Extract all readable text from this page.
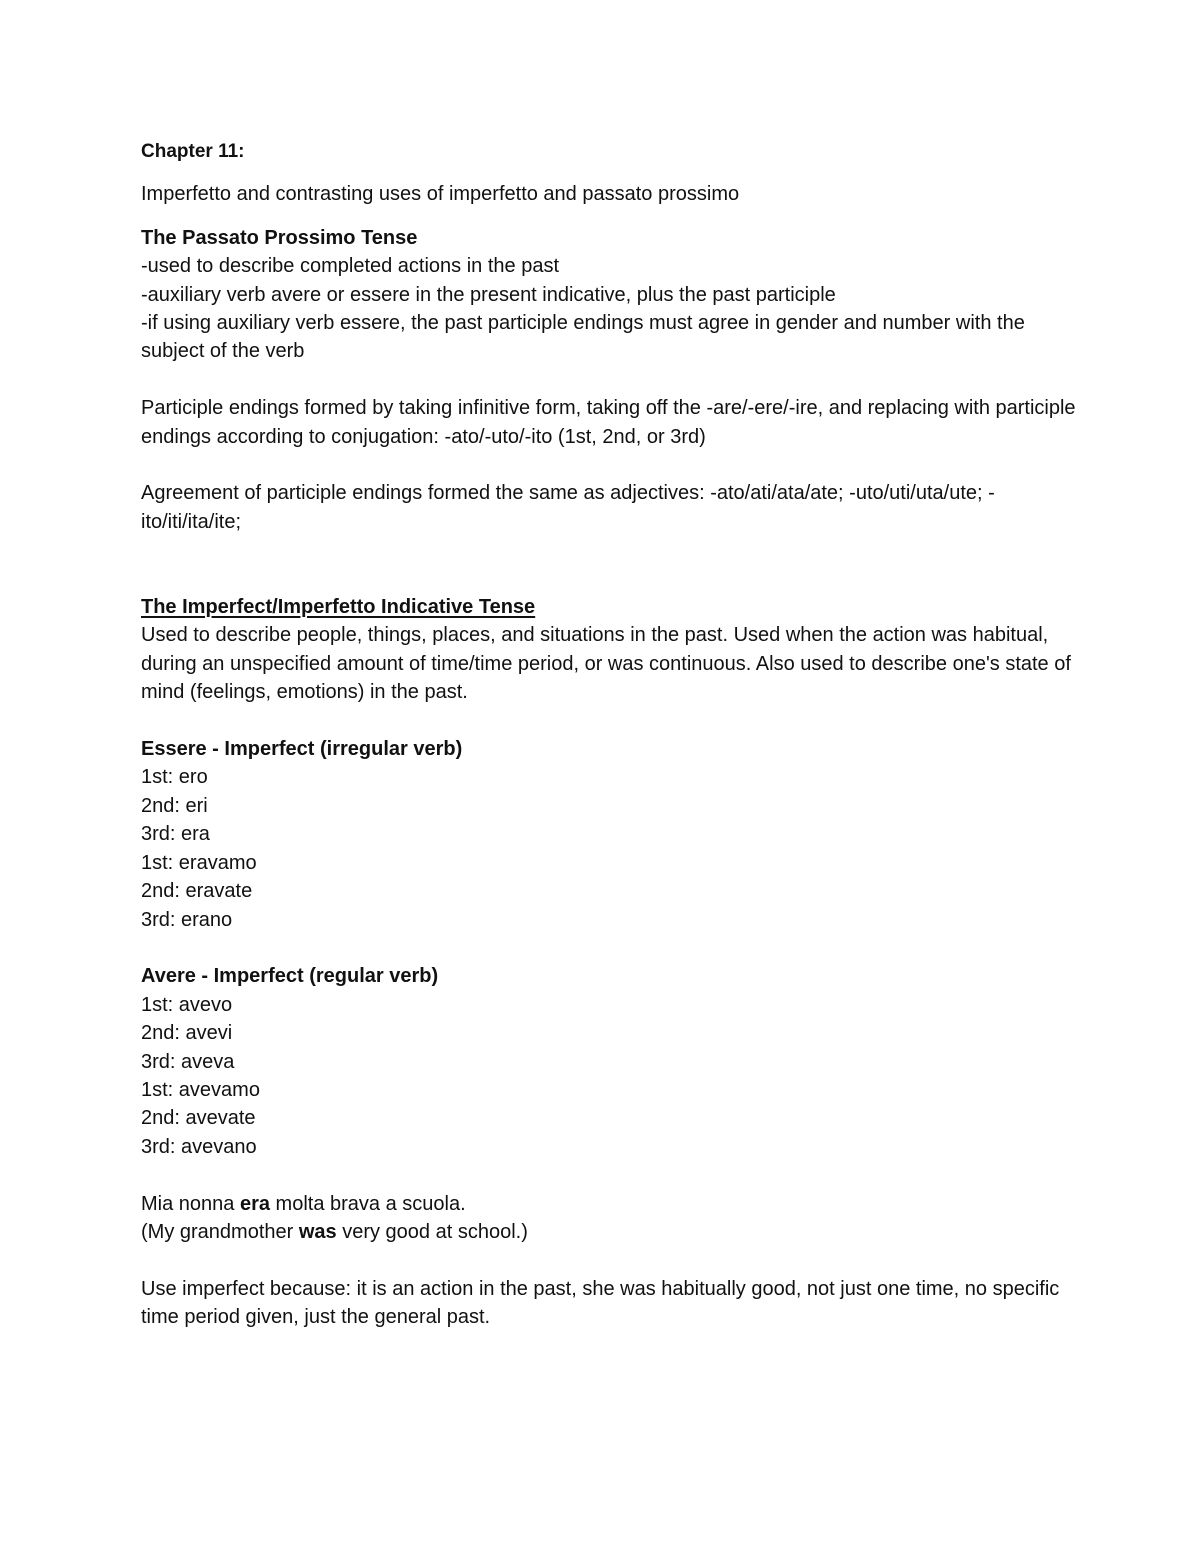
Chapter 11:
Imperfetto and contrasting uses of imperfetto and passato prossimo
The Passato Prossimo Tense
-used to describe completed actions in the past
-auxiliary verb avere or essere in the present indicative, plus the past participle
-if using auxiliary verb essere, the past participle endings must agree in gender and number with the subject of the verb
Participle endings formed by taking infinitive form, taking off the -are/-ere/-ire, and replacing with participle endings according to conjugation: -ato/-uto/-ito (1st, 2nd, or 3rd)
Agreement of participle endings formed the same as adjectives: -ato/ati/ata/ate; -uto/uti/uta/ute; -ito/iti/ita/ite;
The Imperfect/Imperfetto Indicative Tense
Used to describe people, things, places, and situations in the past. Used when the action was habitual, during an unspecified amount of time/time period, or was continuous. Also used to describe one's state of mind (feelings, emotions) in the past.
Essere - Imperfect (irregular verb)
1st: ero
2nd: eri
3rd: era
1st: eravamo
2nd: eravate
3rd: erano
Avere - Imperfect (regular verb)
1st: avevo
2nd: avevi
3rd: aveva
1st: avevamo
2nd: avevate
3rd: avevano
Mia nonna era molta brava a scuola.
(My grandmother was very good at school.)
Use imperfect because: it is an action in the past, she was habitually good, not just one time, no specific time period given, just the general past.
